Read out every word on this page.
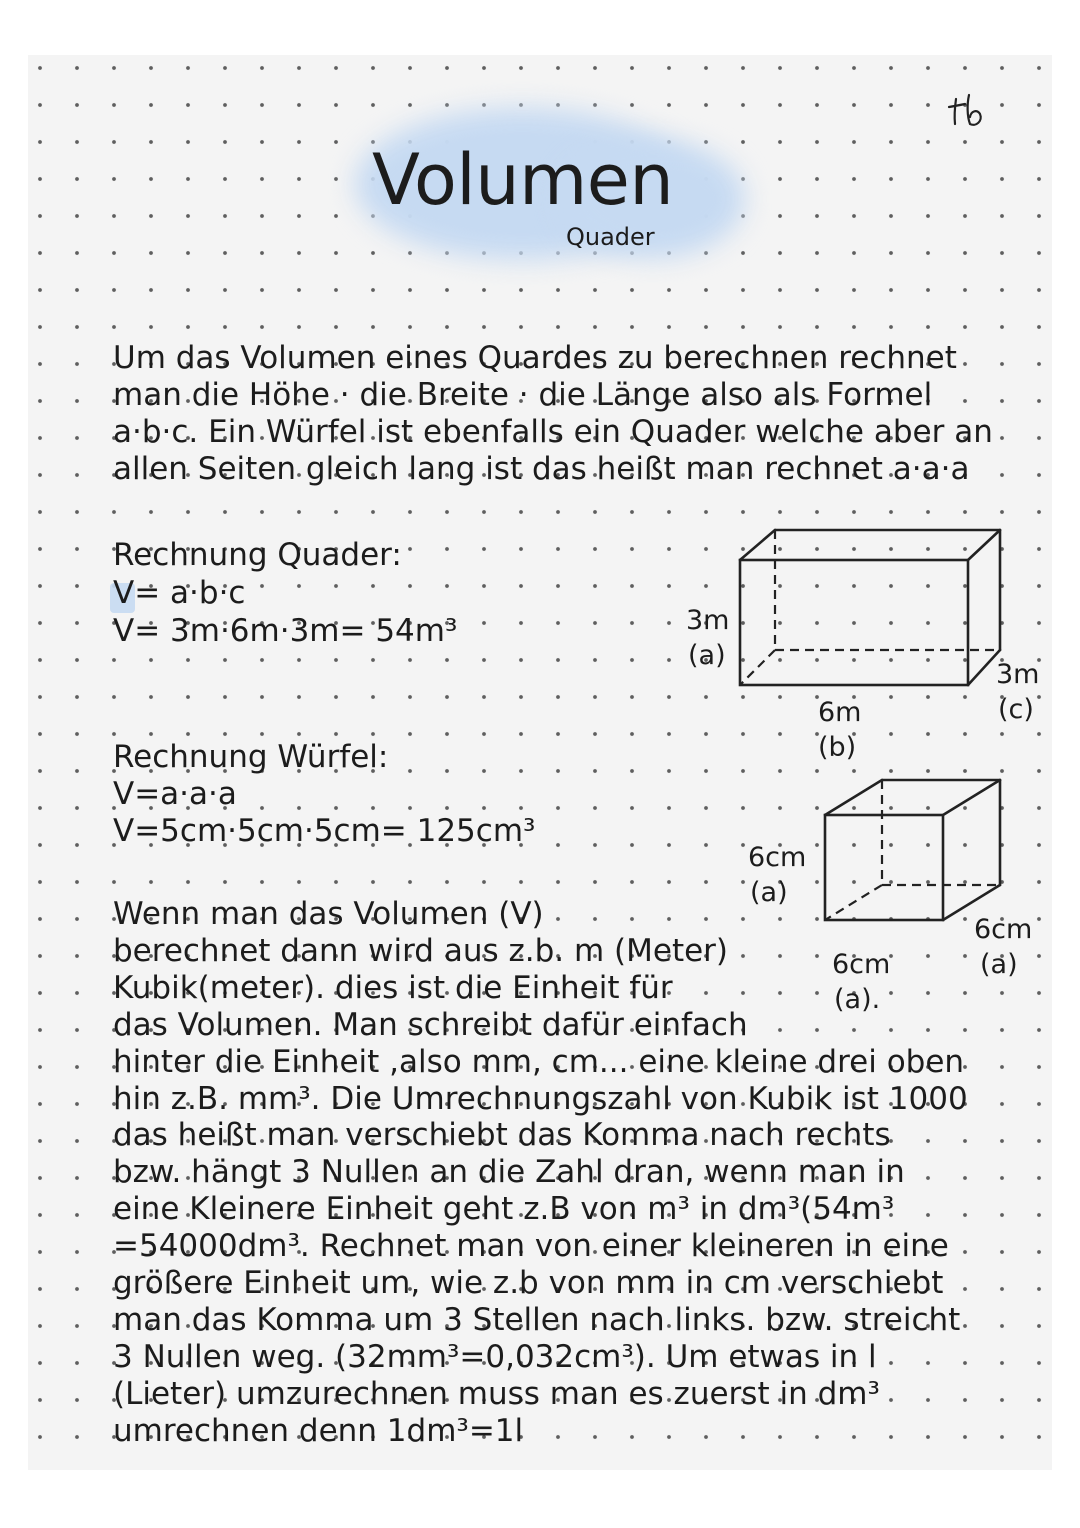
Volumen
Quader
Um das Volumen eines Quardes zu berechnen rechnet
man die Höhe · die Breite · die Länge also als Formel
a·b·c. Ein Würfel ist ebenfalls ein Quader welche aber an
allen Seiten gleich lang ist das heißt man rechnet a·a·a
Rechnung Quader:
V= a·b·c
V= 3m·6m·3m= 54m³	3m
(a)
3m
(c)
6m
(b)
Rechnung Würfel:
V=a·a·a
V=5cm·5cm·5cm= 125cm³
6cm
(a)
6cm
(a)
6cm
(a).
Wenn man das Volumen (V)
berechnet dann wird aus z.b. m (Meter)
Kubik(meter). dies ist die Einheit für
das Volumen. Man schreibt dafür einfach
hinter die Einheit ,also mm, cm... eine kleine drei oben
hin z.B. mm³. Die Umrechnungszahl von Kubik ist 1000
das heißt man verschiebt das Komma nach rechts
bzw. hängt 3 Nullen an die Zahl dran, wenn man in
eine Kleinere Einheit geht z.B von m³ in dm³(54m³
=54000dm³. Rechnet man von einer kleineren in eine
größere Einheit um, wie z.b von mm in cm verschiebt
man das Komma um 3 Stellen nach links. bzw. streicht
3 Nullen weg. (32mm³=0,032cm³). Um etwas in l
(Lieter) umzurechnen muss man es zuerst in dm³
umrechnen denn 1dm³=1l
